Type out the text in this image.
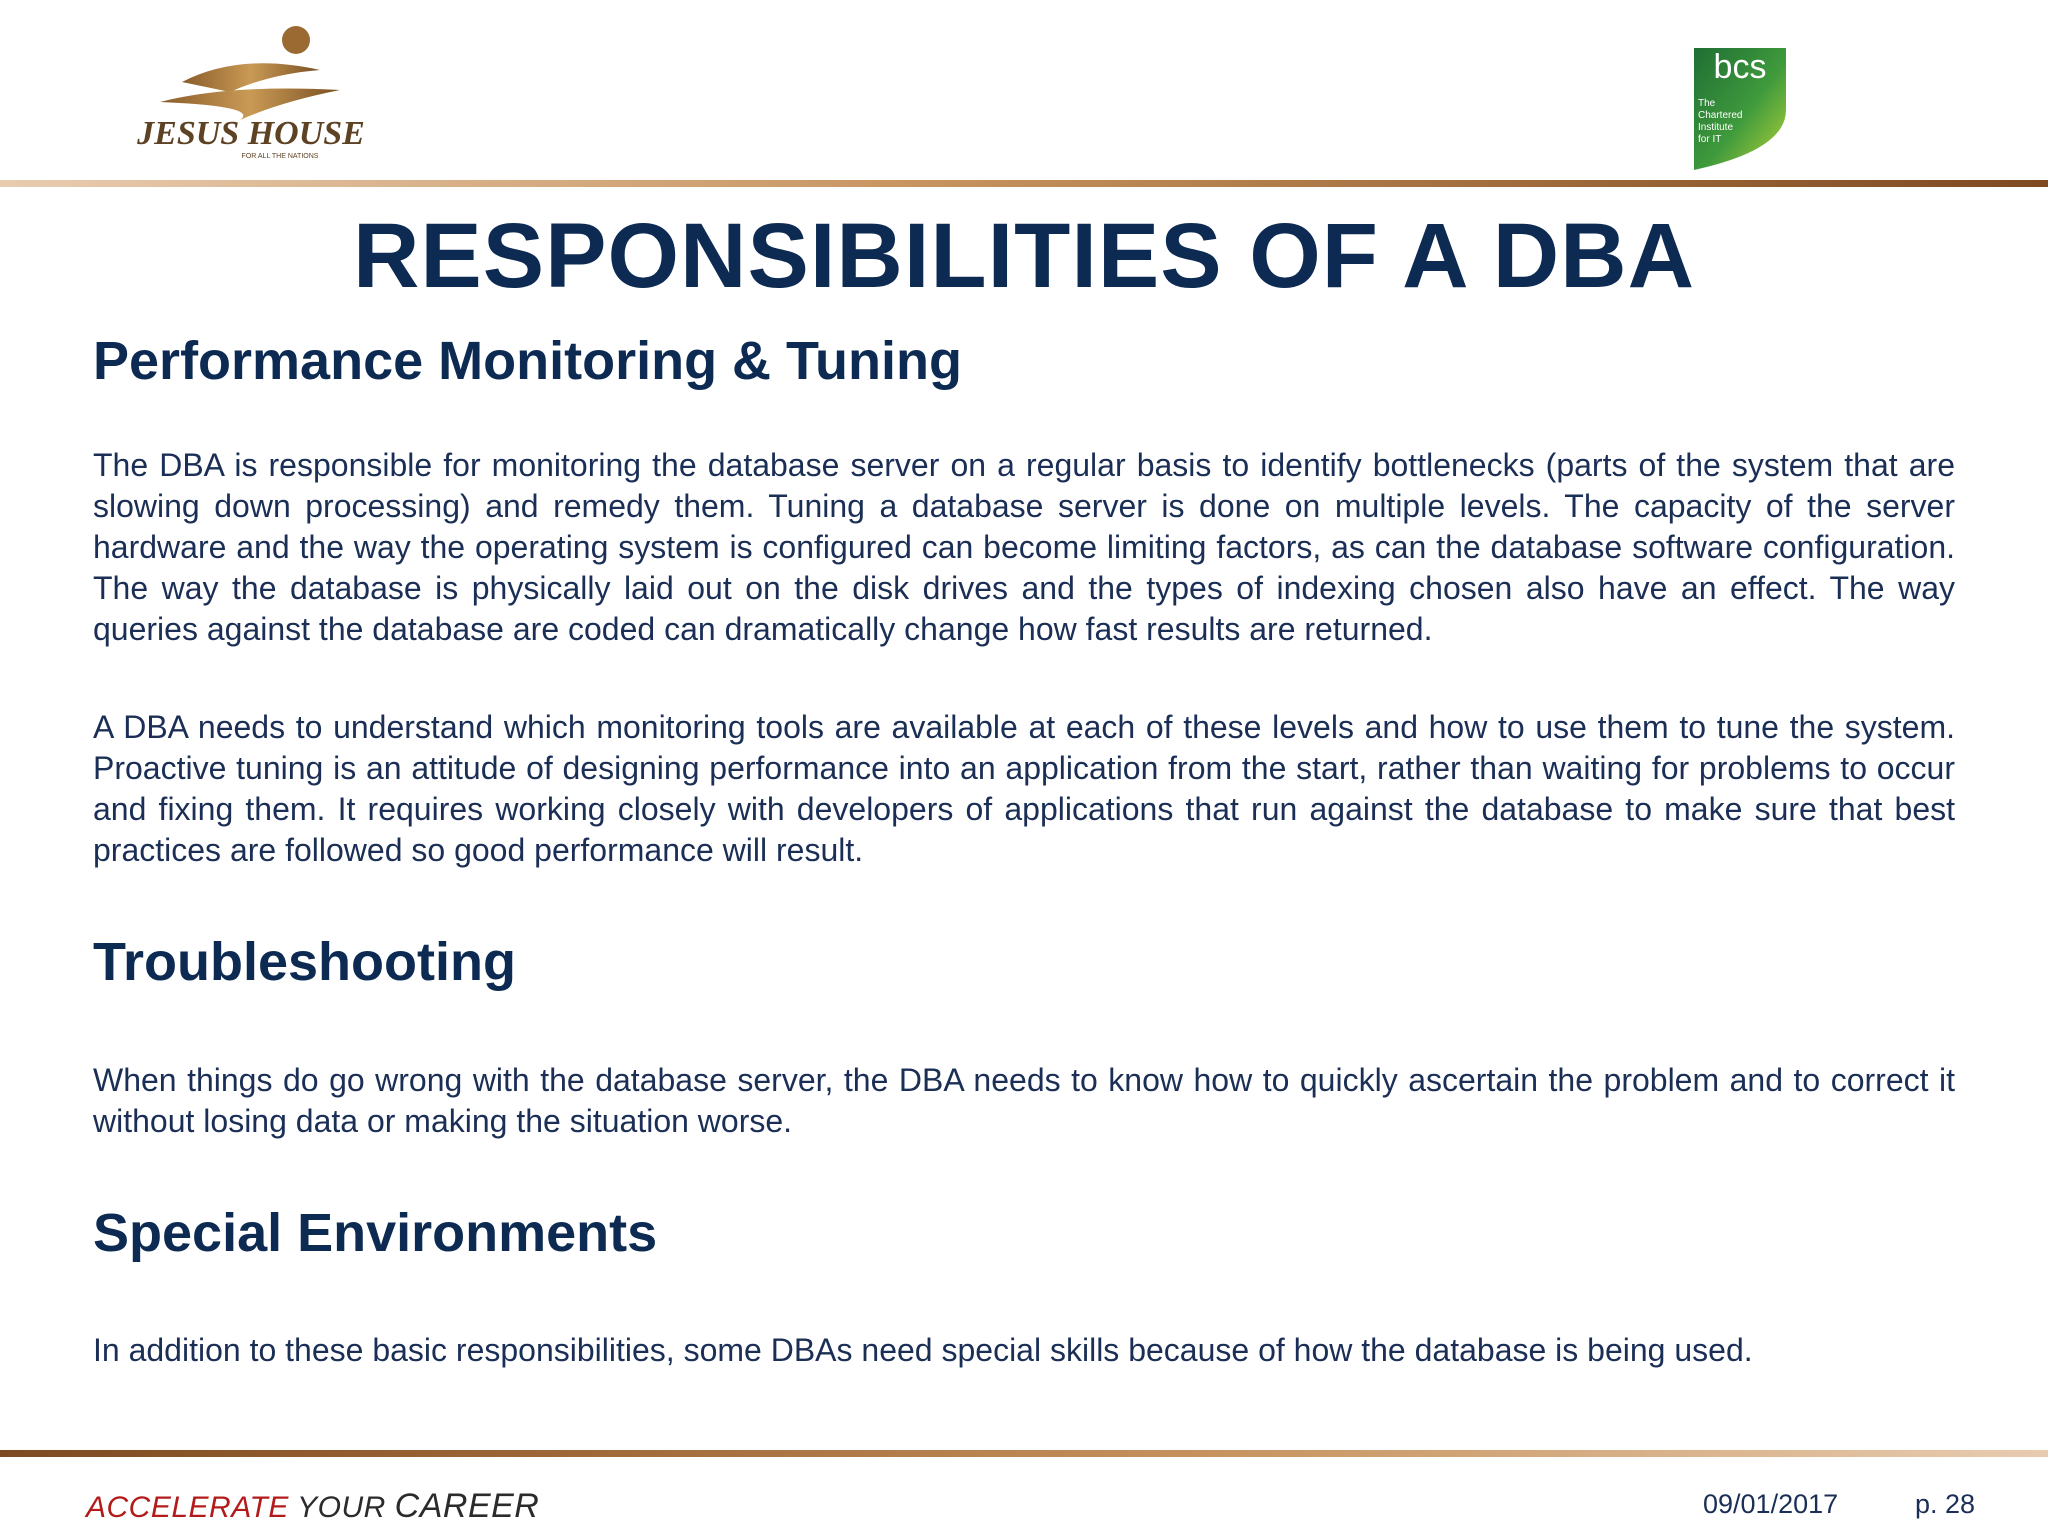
JESUS HOUSE
FOR ALL THE NATIONS
bcs
The
Chartered
Institute
for IT
RESPONSIBILITIES OF A DBA
Performance Monitoring & Tuning

The DBA is responsible for monitoring the database server on a regular basis to identify bottlenecks (parts of the system that are slowing down processing) and remedy them. Tuning a database server is done on multiple levels. The capacity of the server hardware and the way the operating system is configured can become limiting factors, as can the database software configuration. The way the database is physically laid out on the disk drives and the types of indexing chosen also have an effect. The way queries against the database are coded can dramatically change how fast results are returned.

A DBA needs to understand which monitoring tools are available at each of these levels and how to use them to tune the system. Proactive tuning is an attitude of designing performance into an application from the start, rather than waiting for problems to occur and fixing them. It requires working closely with developers of applications that run against the database to make sure that best practices are followed so good performance will result.

Troubleshooting

When things do go wrong with the database server, the DBA needs to know how to quickly ascertain the problem and to correct it without losing data or making the situation worse.

Special Environments

In addition to these basic responsibilities, some DBAs need special skills because of how the database is being used.

ACCELERATE YOUR CAREER	09/01/2017	p. 28
